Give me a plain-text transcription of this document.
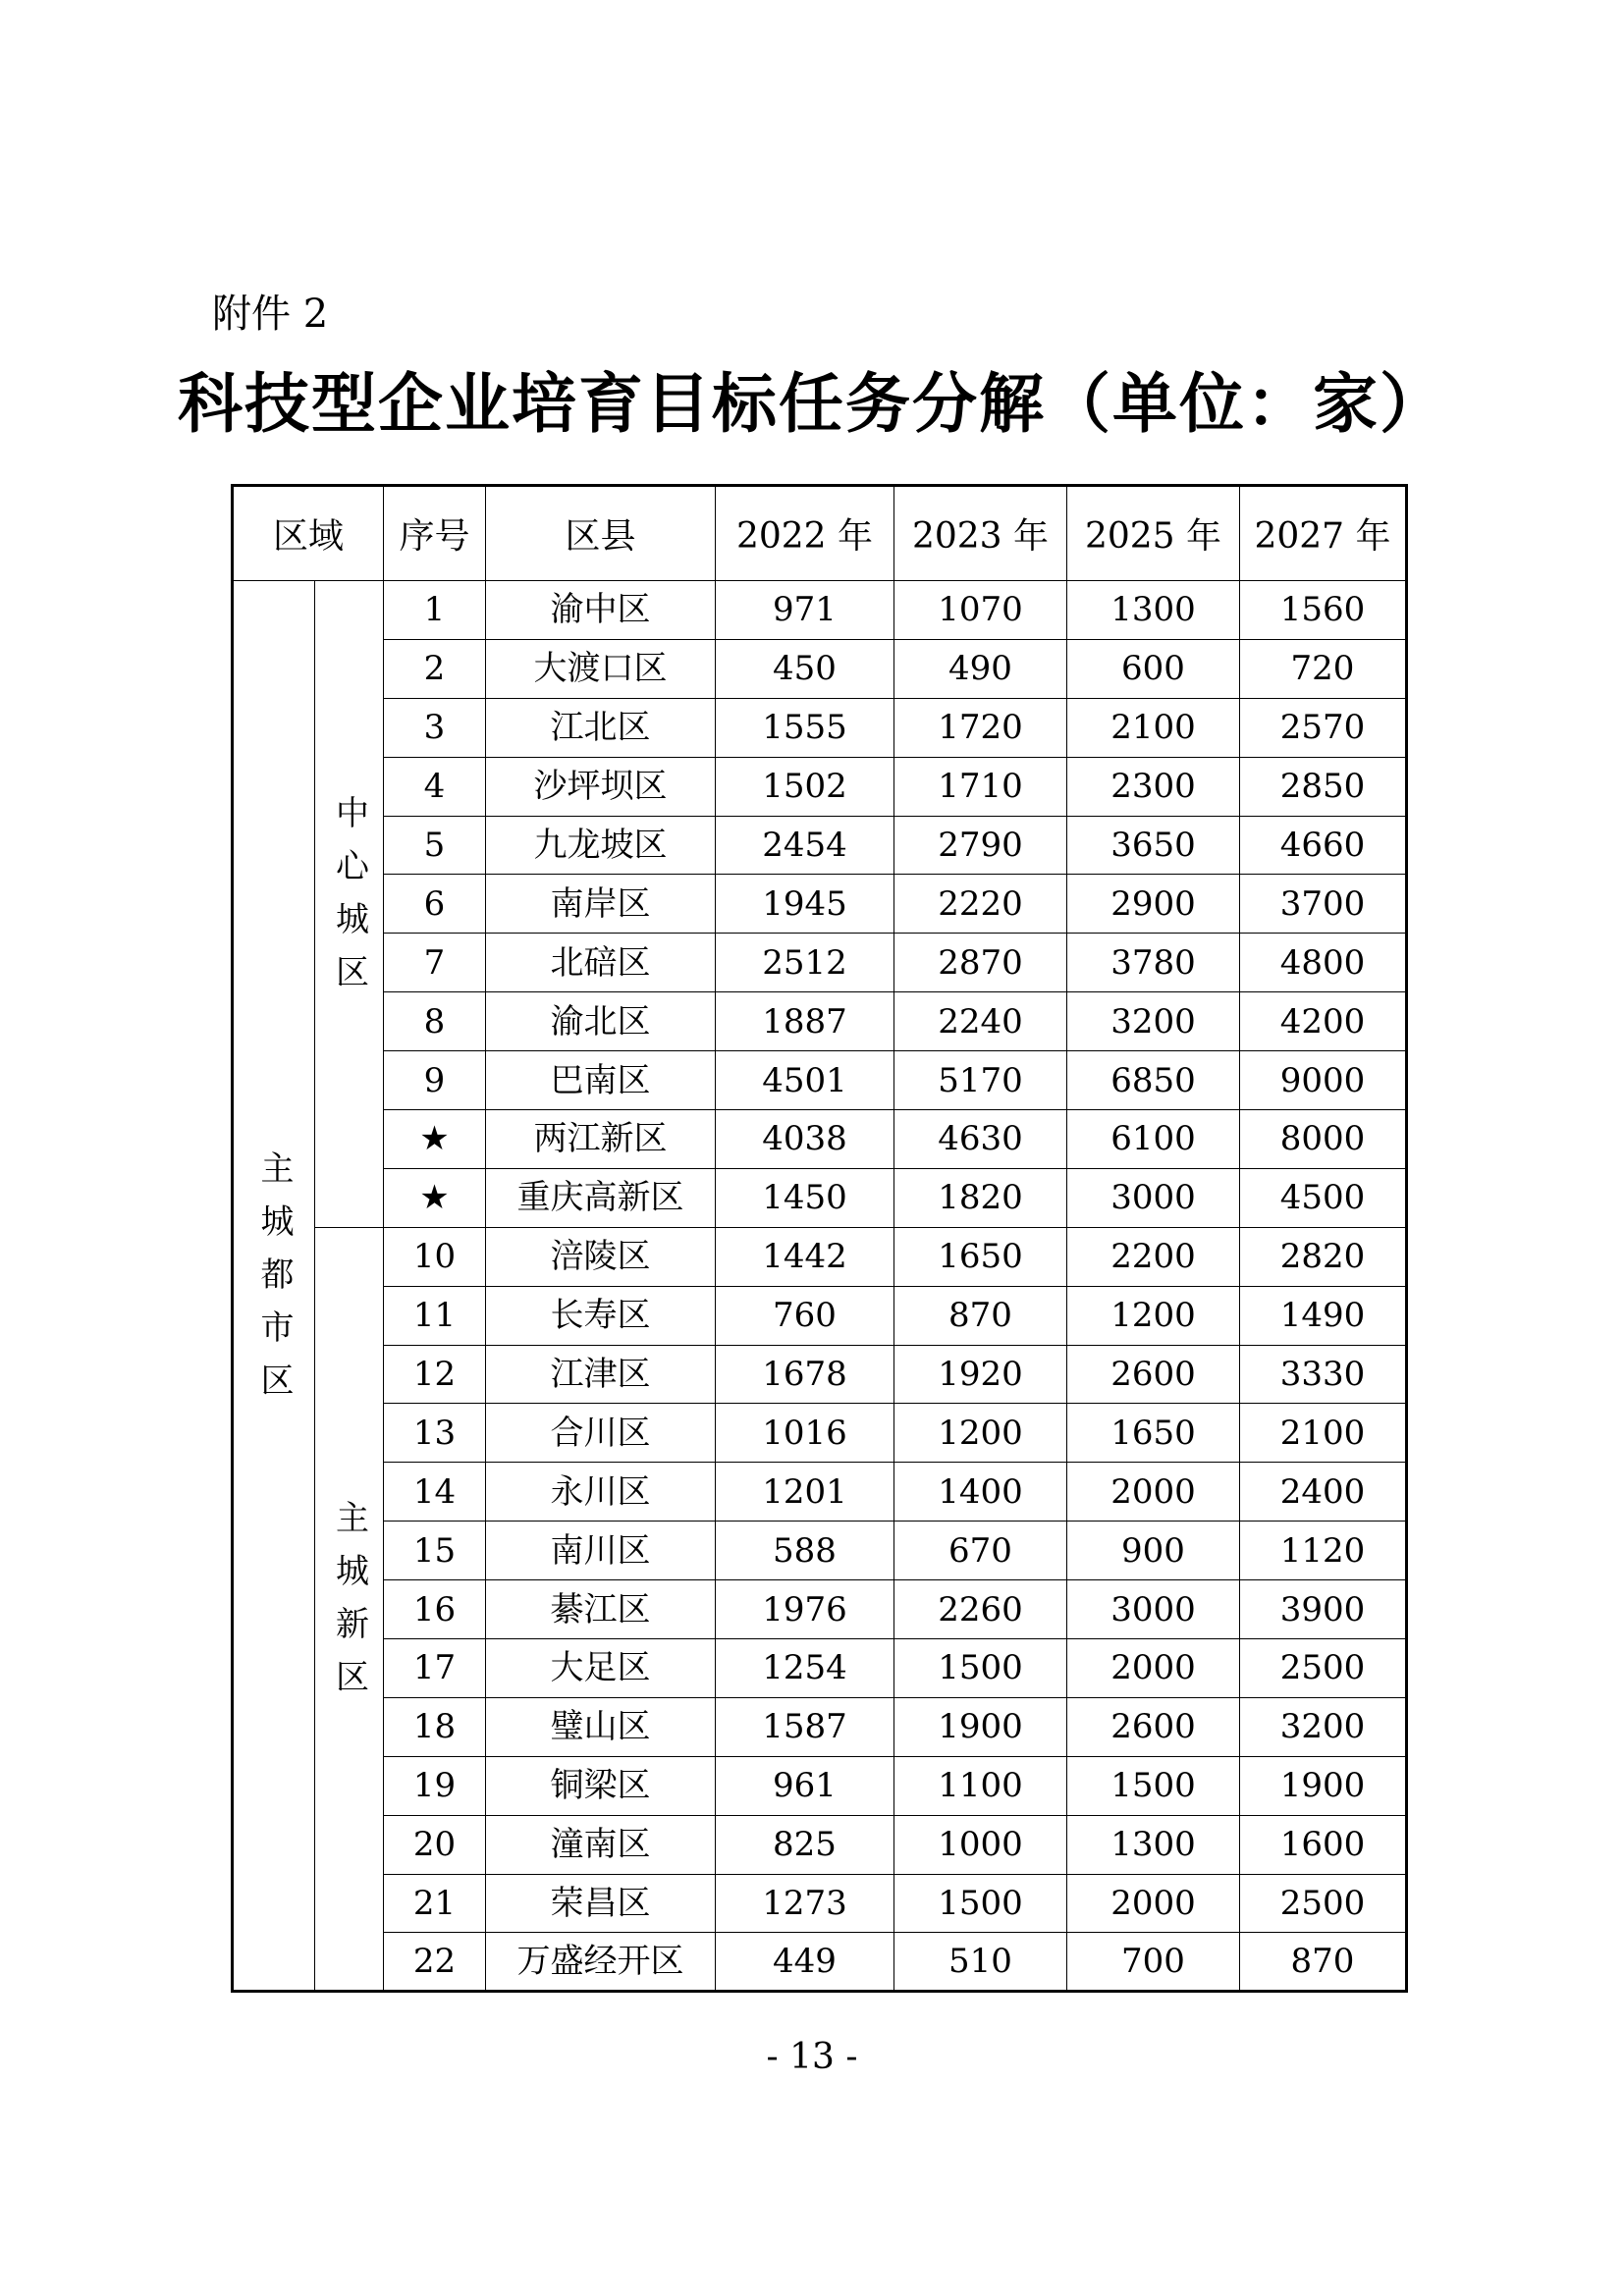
附件 2
科技型企业培育目标任务分解（单位：家）
区域		序号	区县	2022 年	2023 年	2025 年	2027 年
主城都市区	中心城区	1	渝中区	971	1070	1300	1560
		2	大渡口区	450	490	600	720
		3	江北区	1555	1720	2100	2570
		4	沙坪坝区	1502	1710	2300	2850
		5	九龙坡区	2454	2790	3650	4660
		6	南岸区	1945	2220	2900	3700
		7	北碚区	2512	2870	3780	4800
		8	渝北区	1887	2240	3200	4200
		9	巴南区	4501	5170	6850	9000
		★	两江新区	4038	4630	6100	8000
		★	重庆高新区	1450	1820	3000	4500
	主城新区	10	涪陵区	1442	1650	2200	2820
		11	长寿区	760	870	1200	1490
		12	江津区	1678	1920	2600	3330
		13	合川区	1016	1200	1650	2100
		14	永川区	1201	1400	2000	2400
		15	南川区	588	670	900	1120
		16	綦江区	1976	2260	3000	3900
		17	大足区	1254	1500	2000	2500
		18	璧山区	1587	1900	2600	3200
		19	铜梁区	961	1100	1500	1900
		20	潼南区	825	1000	1300	1600
		21	荣昌区	1273	1500	2000	2500
		22	万盛经开区	449	510	700	870
- 13 -
